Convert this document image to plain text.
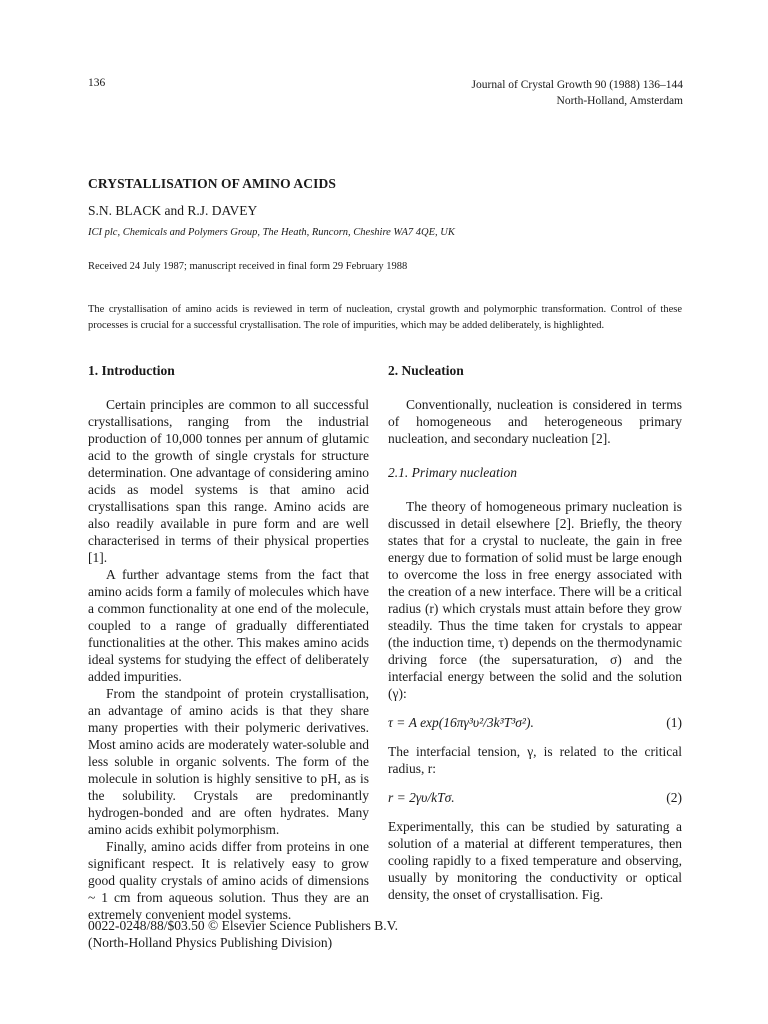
136	Journal of Crystal Growth 90 (1988) 136–144
North-Holland, Amsterdam
CRYSTALLISATION OF AMINO ACIDS
S.N. BLACK and R.J. DAVEY
ICI plc, Chemicals and Polymers Group, The Heath, Runcorn, Cheshire WA7 4QE, UK
Received 24 July 1987; manuscript received in final form 29 February 1988
The crystallisation of amino acids is reviewed in term of nucleation, crystal growth and polymorphic transformation. Control of these processes is crucial for a successful crystallisation. The role of impurities, which may be added deliberately, is highlighted.

1. Introduction

Certain principles are common to all successful crystallisations, ranging from the industrial production of 10,000 tonnes per annum of glutamic acid to the growth of single crystals for structure determination. One advantage of considering amino acids as model systems is that amino acid crystallisations span this range. Amino acids are also readily available in pure form and are well characterised in terms of their physical properties [1].

A further advantage stems from the fact that amino acids form a family of molecules which have a common functionality at one end of the molecule, coupled to a range of gradually differentiated functionalities at the other. This makes amino acids ideal systems for studying the effect of deliberately added impurities.

From the standpoint of protein crystallisation, an advantage of amino acids is that they share many properties with their polymeric derivatives. Most amino acids are moderately water-soluble and less soluble in organic solvents. The form of the molecule in solution is highly sensitive to pH, as is the solubility. Crystals are predominantly hydrogen-bonded and are often hydrates. Many amino acids exhibit polymorphism.

Finally, amino acids differ from proteins in one significant respect. It is relatively easy to grow good quality crystals of amino acids of dimensions ~ 1 cm from aqueous solution. Thus they are an extremely convenient model systems.

2. Nucleation

Conventionally, nucleation is considered in terms of homogeneous and heterogeneous primary nucleation, and secondary nucleation [2].

2.1. Primary nucleation

The theory of homogeneous primary nucleation is discussed in detail elsewhere [2]. Briefly, the theory states that for a crystal to nucleate, the gain in free energy due to formation of solid must be large enough to overcome the loss in free energy associated with the creation of a new interface. There will be a critical radius (r) which crystals must attain before they grow steadily. Thus the time taken for crystals to appear (the induction time, τ) depends on the thermodynamic driving force (the supersaturation, σ) and the interfacial energy between the solid and the solution (γ):

τ = A exp(16πγ³υ²/3k³T³σ²).	(1)

The interfacial tension, γ, is related to the critical radius, r:

r = 2γυ/kTσ.	(2)

Experimentally, this can be studied by saturating a solution of a material at different temperatures, then cooling rapidly to a fixed temperature and observing, usually by monitoring the conductivity or optical density, the onset of crystallisation. Fig.

0022-0248/88/$03.50 © Elsevier Science Publishers B.V.
(North-Holland Physics Publishing Division)
